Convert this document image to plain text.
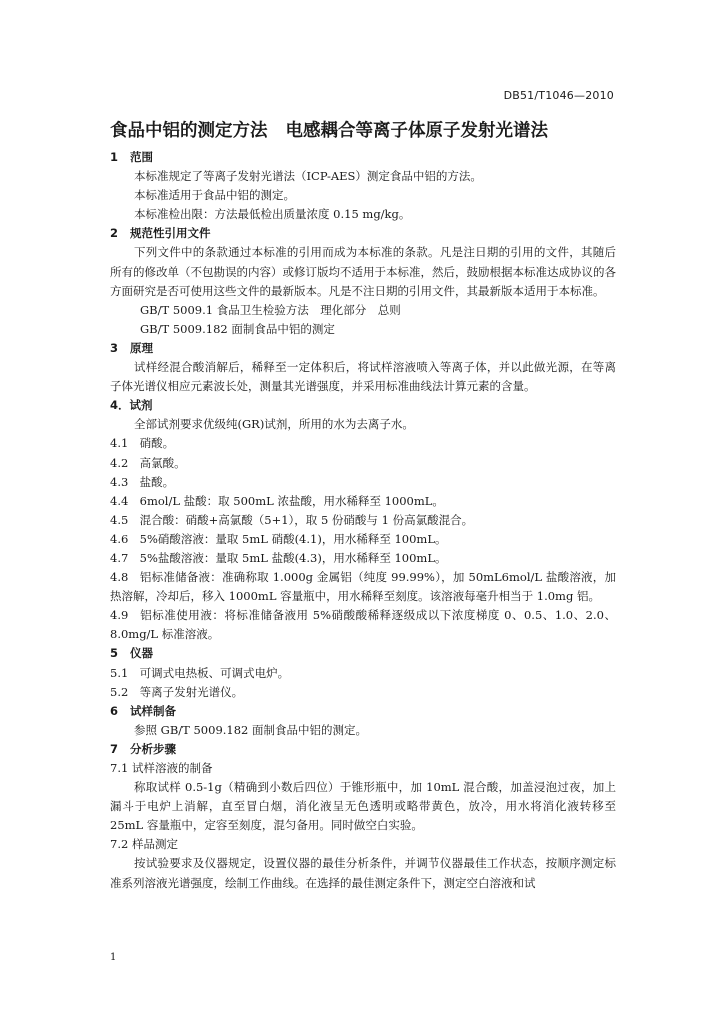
DB51/T1046—2010
食品中铝的测定方法 电感耦合等离子体原子发射光谱法

1 范围

本标准规定了等离子发射光谱法（ICP-AES）测定食品中铝的方法。

本标准适用于食品中铝的测定。

本标准检出限：方法最低检出质量浓度 0.15 mg/kg。

2 规范性引用文件

下列文件中的条款通过本标准的引用而成为本标准的条款。凡是注日期的引用的文件，其随后所有的修改单（不包勘误的内容）或修订版均不适用于本标准，然后，鼓励根据本标准达成协议的各方面研究是否可使用这些文件的最新版本。凡是不注日期的引用文件，其最新版本适用于本标准。

GB/T 5009.1 食品卫生检验方法　理化部分　总则

GB/T 5009.182 面制食品中铝的测定

3 原理

试样经混合酸消解后，稀释至一定体积后，将试样溶液喷入等离子体，并以此做光源，在等离子体光谱仪相应元素波长处，测量其光谱强度，并采用标准曲线法计算元素的含量。

4．试剂

全部试剂要求优级纯(GR)试剂，所用的水为去离子水。

4.1 硝酸。

4.2 高氯酸。

4.3 盐酸。

4.4 6mol/L 盐酸：取 500mL 浓盐酸，用水稀释至 1000mL。

4.5 混合酸：硝酸+高氯酸（5+1），取 5 份硝酸与 1 份高氯酸混合。

4.6 5%硝酸溶液：量取 5mL 硝酸(4.1)，用水稀释至 100mL。

4.7 5%盐酸溶液：量取 5mL 盐酸(4.3)，用水稀释至 100mL。

4.8 铝标准储备液：准确称取 1.000g 金属铝（纯度 99.99%），加 50mL6mol/L 盐酸溶液，加热溶解，冷却后，移入 1000mL 容量瓶中，用水稀释至刻度。该溶液每毫升相当于 1.0mg 铝。

4.9 铝标准使用液：将标准储备液用 5%硝酸酸稀释逐级成以下浓度梯度 0、0.5、1.0、2.0、8.0mg/L 标准溶液。

5 仪器

5.1 可调式电热板、可调式电炉。

5.2 等离子发射光谱仪。

6 试样制备

参照 GB/T 5009.182 面制食品中铝的测定。

7 分析步骤

7.1 试样溶液的制备

称取试样 0.5-1g（精确到小数后四位）于锥形瓶中，加 10mL 混合酸，加盖浸泡过夜，加上漏斗于电炉上消解，直至冒白烟，消化液呈无色透明或略带黄色，放冷，用水将消化液转移至 25mL 容量瓶中，定容至刻度，混匀备用。同时做空白实验。

7.2 样品测定

按试验要求及仪器规定，设置仪器的最佳分析条件，并调节仪器最佳工作状态，按顺序测定标准系列溶液光谱强度，绘制工作曲线。在选择的最佳测定条件下，测定空白溶液和试

1
